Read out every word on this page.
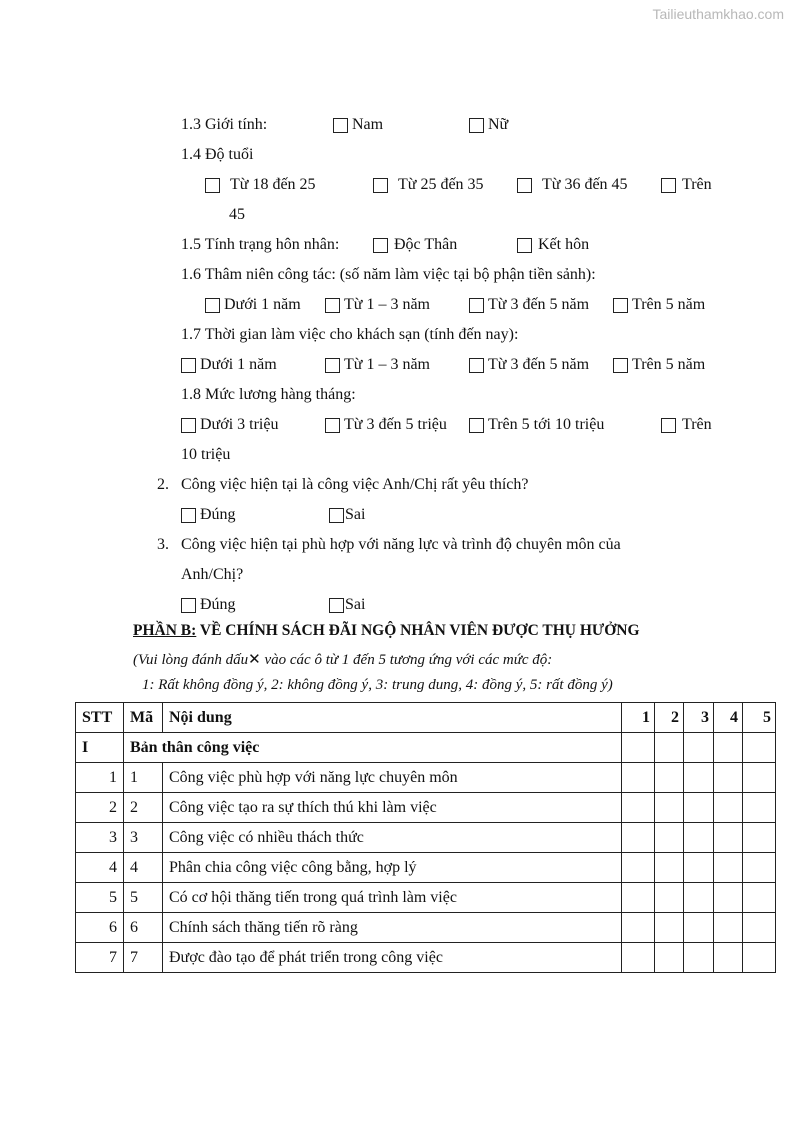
Tailieuthamkhao.com
1.3 Giới tính:	Nam	Nữ
1.4 Độ tuổi
Từ 18 đến 25	Từ 25 đến 35	Từ 36 đến 45	Trên
45
1.5 Tính trạng hôn nhân:	Độc Thân	Kết hôn
1.6 Thâm niên công tác: (số năm làm việc tại bộ phận tiền sảnh):
Dưới 1 năm	Từ 1 – 3 năm	Từ 3 đến 5 năm	Trên 5 năm
1.7 Thời gian làm việc cho khách sạn (tính đến nay):
Dưới 1 năm	Từ 1 – 3 năm	Từ 3 đến 5 năm	Trên 5 năm
1.8 Mức lương hàng tháng:
Dưới 3 triệu	Từ 3 đến 5 triệu	Trên 5 tới 10 triệu	Trên
10 triệu
2. Công việc hiện tại là công việc Anh/Chị rất yêu thích?
Đúng	Sai
3. Công việc hiện tại phù hợp với năng lực và trình độ chuyên môn của
Anh/Chị?
Đúng	Sai
PHẦN B: VỀ CHÍNH SÁCH ĐÃI NGỘ NHÂN VIÊN ĐƯỢC THỤ HƯỞNG
(Vui lòng đánh dấu✕ vào các ô từ 1 đến 5 tương ứng với các mức độ:
1: Rất không đồng ý, 2: không đồng ý, 3: trung dung, 4: đồng ý, 5: rất đồng ý)
STT	Mã	Nội dung	1	2	3	4	5
I	Bản thân công việc						
1	1	Công việc phù hợp với năng lực chuyên môn					
2	2	Công việc tạo ra sự thích thú khi làm việc					
3	3	Công việc có nhiều thách thức					
4	4	Phân chia công việc công bằng, hợp lý					
5	5	Có cơ hội thăng tiến trong quá trình làm việc					
6	6	Chính sách thăng tiến rõ ràng					
7	7	Được đào tạo để phát triển trong công việc					
